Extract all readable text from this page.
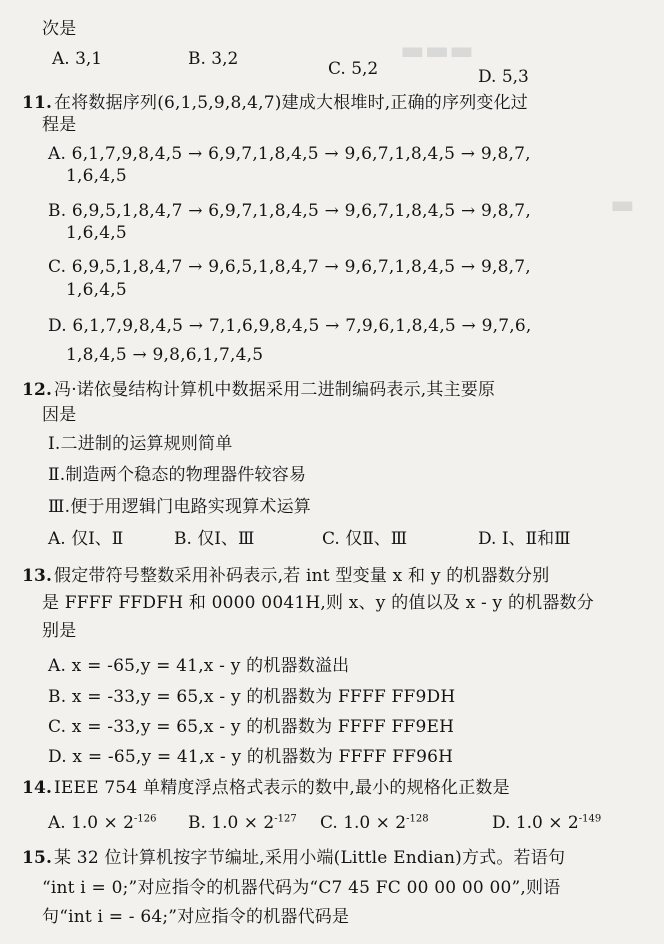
▬▬▬
▬
次是
A. 3,1	B. 3,2	C. 5,2	D. 5,3
11. 在将数据序列(6,1,5,9,8,4,7)建成大根堆时,正确的序列变化过
程是
A. 6,1,7,9,8,4,5 → 6,9,7,1,8,4,5 → 9,6,7,1,8,4,5 → 9,8,7,
1,6,4,5
B. 6,9,5,1,8,4,7 → 6,9,7,1,8,4,5 → 9,6,7,1,8,4,5 → 9,8,7,
1,6,4,5
C. 6,9,5,1,8,4,7 → 9,6,5,1,8,4,7 → 9,6,7,1,8,4,5 → 9,8,7,
1,6,4,5
D. 6,1,7,9,8,4,5 → 7,1,6,9,8,4,5 → 7,9,6,1,8,4,5 → 9,7,6,
1,8,4,5 → 9,8,6,1,7,4,5
12. 冯·诺依曼结构计算机中数据采用二进制编码表示,其主要原
因是
Ⅰ.二进制的运算规则简单
Ⅱ.制造两个稳态的物理器件较容易
Ⅲ.便于用逻辑门电路实现算术运算
A. 仅Ⅰ、Ⅱ	B. 仅Ⅰ、Ⅲ	C. 仅Ⅱ、Ⅲ	D. Ⅰ、Ⅱ和Ⅲ
13. 假定带符号整数采用补码表示,若 int 型变量 x 和 y 的机器数分别
是 FFFF FFDFH 和 0000 0041H,则 x、y 的值以及 x - y 的机器数分
别是
A. x = -65,y = 41,x - y 的机器数溢出
B. x = -33,y = 65,x - y 的机器数为 FFFF FF9DH
C. x = -33,y = 65,x - y 的机器数为 FFFF FF9EH
D. x = -65,y = 41,x - y 的机器数为 FFFF FF96H
14. IEEE 754 单精度浮点格式表示的数中,最小的规格化正数是
A. $1.0 \times 2^{-126}$ B. $1.0 \times 2^{-127}$ C. $1.0 \times 2^{-128}$	D. $1.0 \times 2^{-149}$
15. 某 32 位计算机按字节编址,采用小端(Little Endian)方式。若语句
“int i = 0;”对应指令的机器代码为“C7 45 FC 00 00 00 00”,则语
句“int i = - 64;”对应指令的机器代码是
